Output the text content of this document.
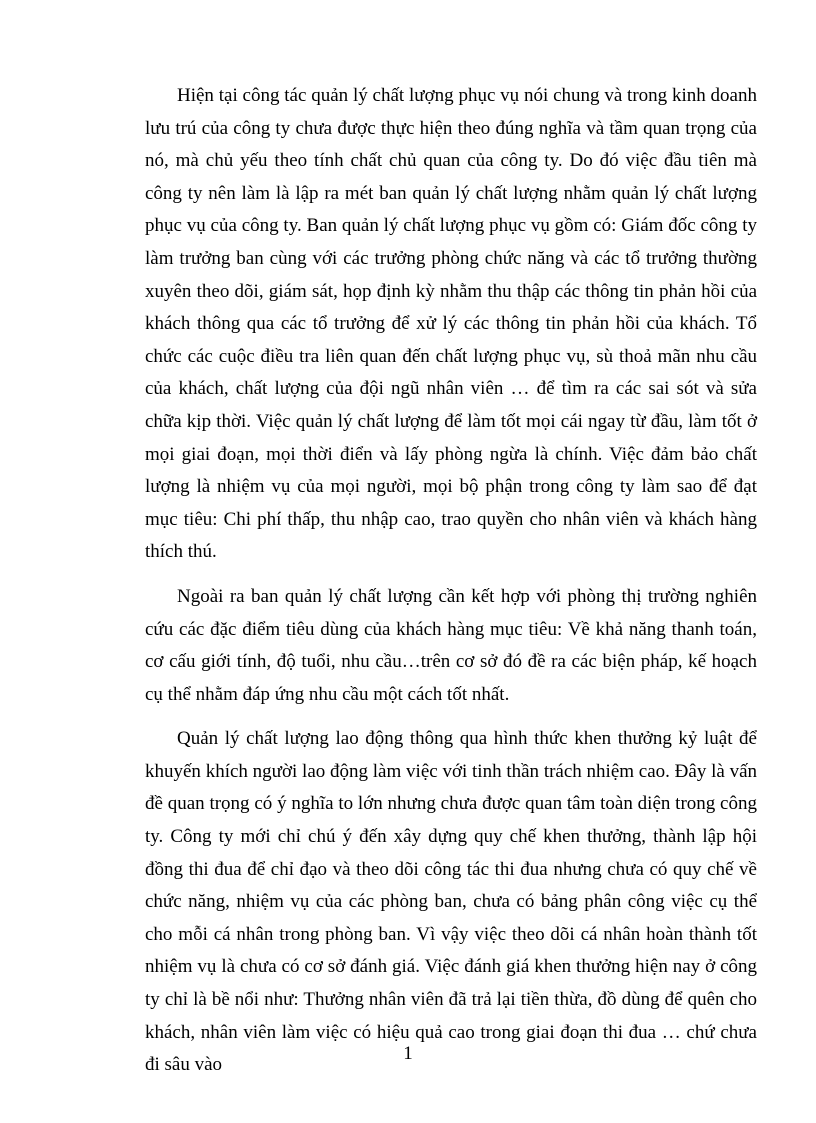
Hiện tại công tác quản lý chất lượng phục vụ nói chung và trong kinh doanh lưu trú của công ty chưa được thực hiện theo đúng nghĩa và tầm quan trọng của nó, mà chủ yếu theo tính chất chủ quan của công ty. Do đó việc đầu tiên mà công ty nên làm là lập ra mét ban quản lý chất lượng nhằm quản lý chất lượng phục vụ của công ty. Ban quản lý chất lượng phục vụ gồm có: Giám đốc công ty làm trưởng ban cùng với các trưởng phòng chức năng và các tổ trưởng thường xuyên theo dõi, giám sát, họp định kỳ nhằm thu thập các thông tin phản hồi của khách thông qua các tổ trưởng để xử lý các thông tin phản hồi của khách. Tổ chức các cuộc điều tra liên quan đến chất lượng phục vụ, sù thoả mãn nhu cầu của khách, chất lượng của đội ngũ nhân viên … để tìm ra các sai sót và sửa chữa kịp thời. Việc quản lý chất lượng để làm tốt mọi cái ngay từ đầu, làm tốt ở mọi giai đoạn, mọi thời điển và lấy phòng ngừa là chính. Việc đảm bảo chất lượng là nhiệm vụ của mọi người, mọi bộ phận trong công ty làm sao để đạt mục tiêu: Chi phí thấp, thu nhập cao, trao quyền cho nhân viên và khách hàng thích thú.

Ngoài ra ban quản lý chất lượng cần kết hợp với phòng thị trường nghiên cứu các đặc điểm tiêu dùng của khách hàng mục tiêu: Về khả năng thanh toán, cơ cấu giới tính, độ tuổi, nhu cầu…trên cơ sở đó đề ra các biện pháp, kế hoạch cụ thể nhằm đáp ứng nhu cầu một cách tốt nhất.

Quản lý chất lượng lao động thông qua hình thức khen thưởng kỷ luật để khuyến khích người lao động làm việc với tinh thần trách nhiệm cao. Đây là vấn đề quan trọng có ý nghĩa to lớn nhưng chưa được quan tâm toàn diện trong công ty. Công ty mới chỉ chú ý đến xây dựng quy chế khen thưởng, thành lập hội đồng thi đua để chỉ đạo và theo dõi công tác thi đua nhưng chưa có quy chế về chức năng, nhiệm vụ của các phòng ban, chưa có bảng phân công việc cụ thể cho mỗi cá nhân trong phòng ban. Vì vậy việc theo dõi cá nhân hoàn thành tốt nhiệm vụ là chưa có cơ sở đánh giá. Việc đánh giá khen thưởng hiện nay ở công ty chỉ là bề nổi như: Thưởng nhân viên đã trả lại tiền thừa, đồ dùng để quên cho khách, nhân viên làm việc có hiệu quả cao trong giai đoạn thi đua … chứ chưa đi sâu vào

1
